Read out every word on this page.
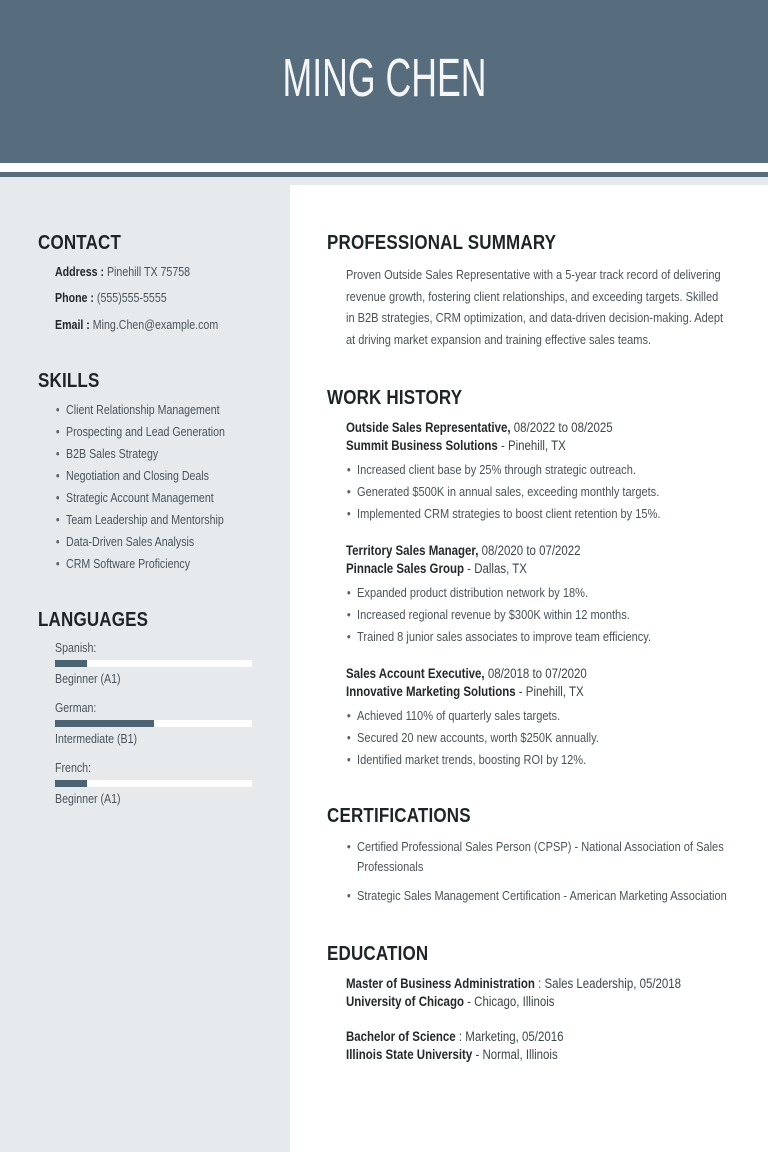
MING CHEN
CONTACT

Address : Pinehill TX 75758

Phone : (555)555-5555

Email : Ming.Chen@example.com

SKILLS
• Client Relationship Management
• Prospecting and Lead Generation
• B2B Sales Strategy
• Negotiation and Closing Deals
• Strategic Account Management
• Team Leadership and Mentorship
• Data-Driven Sales Analysis
• CRM Software Proficiency
LANGUAGES

Spanish:

Beginner (A1)

German:

Intermediate (B1)

French:

Beginner (A1)

PROFESSIONAL SUMMARY

Proven Outside Sales Representative with a 5-year track record of delivering revenue growth, fostering client relationships, and exceeding targets. Skilled in B2B strategies, CRM optimization, and data-driven decision-making. Adept at driving market expansion and training effective sales teams.

WORK HISTORY

Outside Sales Representative, 08/2022 to 08/2025

Summit Business Solutions - Pinehill, TX

• Increased client base by 25% through strategic outreach.
• Generated $500K in annual sales, exceeding monthly targets.
• Implemented CRM strategies to boost client retention by 15%.

Territory Sales Manager, 08/2020 to 07/2022

Pinnacle Sales Group - Dallas, TX

• Expanded product distribution network by 18%.
• Increased regional revenue by $300K within 12 months.
• Trained 8 junior sales associates to improve team efficiency.

Sales Account Executive, 08/2018 to 07/2020

Innovative Marketing Solutions - Pinehill, TX

• Achieved 110% of quarterly sales targets.
• Secured 20 new accounts, worth $250K annually.
• Identified market trends, boosting ROI by 12%.
CERTIFICATIONS
• Certified Professional Sales Person (CPSP) - National Association of Sales Professionals
• Strategic Sales Management Certification - American Marketing Association
EDUCATION

Master of Business Administration : Sales Leadership, 05/2018

University of Chicago - Chicago, Illinois

Bachelor of Science : Marketing, 05/2016

Illinois State University - Normal, Illinois
